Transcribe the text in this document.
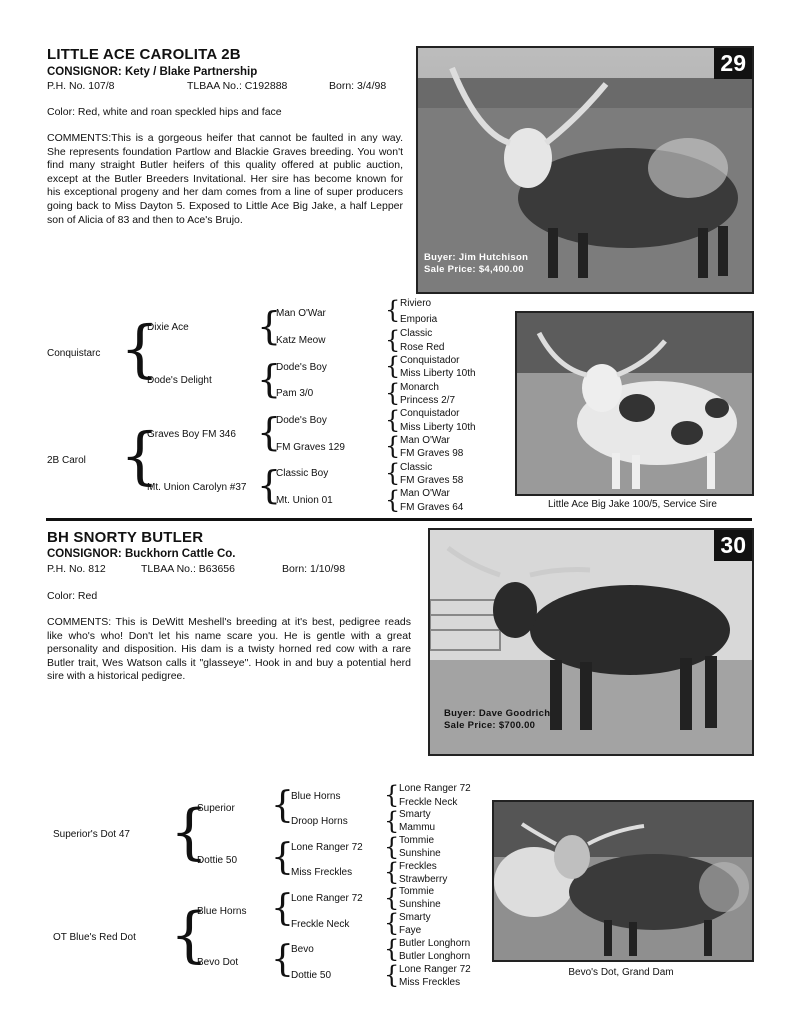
LITTLE ACE CAROLITA 2B
CONSIGNOR: Kety / Blake Partnership
P.H. No. 107/8	TLBAA No.: C192888	Born: 3/4/98
Color: Red, white and roan speckled hips and face
COMMENTS:This is a gorgeous heifer that cannot be faulted in any way. She represents foundation Partlow and Blackie Graves breeding. You won't find many straight Butler heifers of this quality offered at public auction, except at the Butler Breeders Invitational. Her sire has become known for his exceptional progeny and her dam comes from a line of super producers going back to Miss Dayton 5. Exposed to Little Ace Big Jake, a half Lepper son of Alicia of 83 and then to Ace's Brujo.
29
Buyer: Jim Hutchison
Sale Price: $4,400.00
Conquistarc
2B Carol
{
{
Dixie Ace
Dode's Delight
Graves Boy FM 346
Mt. Union Carolyn #37
{
{
{
{
Man O'War
Katz Meow
Dode's Boy
Pam 3/0
Dode's Boy
FM Graves 129
Classic Boy
Mt. Union 01
{
{
{
{
{
{
{
{
Riviero
Emporia
Classic
Rose Red
Conquistador
Miss Liberty 10th
Monarch
Princess 2/7
Conquistador
Miss Liberty 10th
Man O'War
FM Graves 98
Classic
FM Graves 58
Man O'War
FM Graves 64	Little Ace Big Jake 100/5, Service Sire
BH SNORTY BUTLER
CONSIGNOR: Buckhorn Cattle Co.
P.H. No. 812	TLBAA No.: B63656	Born: 1/10/98
Color: Red
COMMENTS: This is DeWitt Meshell's breeding at it's best, pedigree reads like who's who! Don't let his name scare you. He is gentle with a great personality and disposition. His dam is a twisty horned red cow with a rare Butler trait, Wes Watson calls it "glasseye". Hook in and buy a potential herd sire with a historical pedigree.
30
Buyer: Dave Goodrich
Sale Price: $700.00
Superior's Dot 47
OT Blue's Red Dot
{
{
Superior
Dottie 50
Blue Horns
Bevo Dot
{
{
{
{
Blue Horns
Droop Horns
Lone Ranger 72
Miss Freckles
Lone Ranger 72
Freckle Neck
Bevo
Dottie 50
{
{
{
{
{
{
{
{
Lone Ranger 72
Freckle Neck
Smarty
Mammu
Tommie
Sunshine
Freckles
Strawberry
Tommie
Sunshine
Smarty
Faye
Butler Longhorn
Butler Longhorn
Lone Ranger 72
Miss Freckles
Bevo's Dot, Grand Dam
